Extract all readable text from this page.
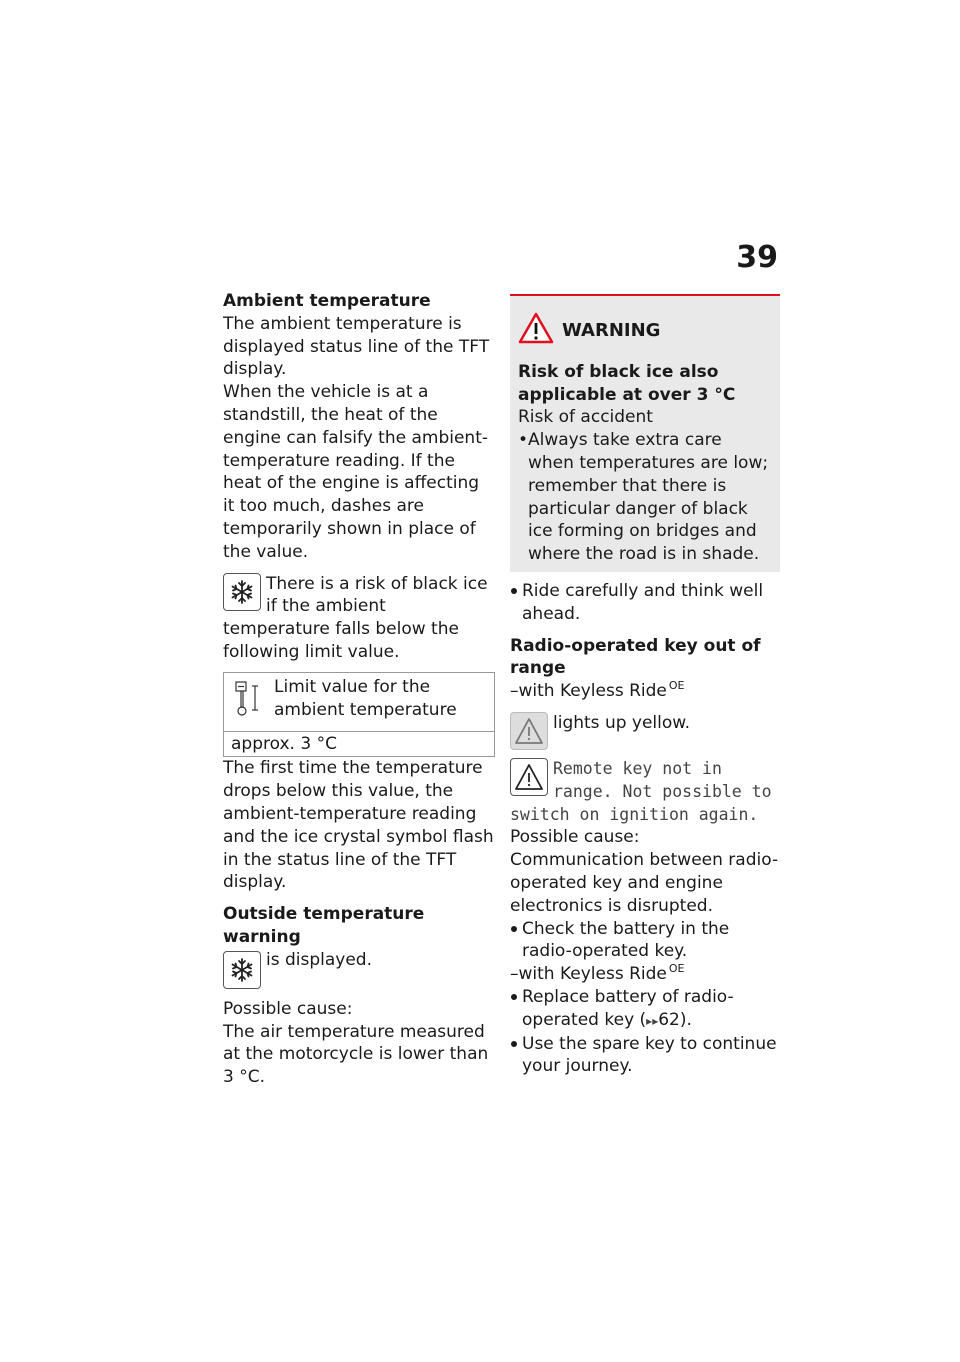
39

Ambient temperature

The ambient temperature is displayed status line of the TFT display.

When the vehicle is at a standstill, the heat of the engine can falsify the ambient-temperature reading. If the heat of the engine is affecting it too much, dashes are temporarily shown in place of the value.

There is a risk of black ice if the ambient temperature falls below the following limit value.

Limit value for the ambient temperature
approx. 3 °C

The first time the temperature drops below this value, the ambient-temperature reading and the ice crystal symbol flash in the status line of the TFT display.

Outside temperature warning

is displayed.

Possible cause:

The air temperature measured at the motorcycle is lower than 3 °C.

WARNING

Risk of black ice also applicable at over 3 °C

Risk of accident

• Always take extra care when temperatures are low; remember that there is particular danger of black ice forming on bridges and where the road is in shade.
Ride carefully and think well ahead.

Radio-operated key out of range

–with Keyless Ride $^{OE}$

lights up yellow.

Remote key not in range. Not possible to switch on ignition again.

Possible cause:

Communication between radio-operated key and engine electronics is disrupted.

Check the battery in the radio-operated key.

–with Keyless Ride $^{OE}$

Replace battery of radio-operated key (▸▸62).
Use the spare key to continue your journey.
